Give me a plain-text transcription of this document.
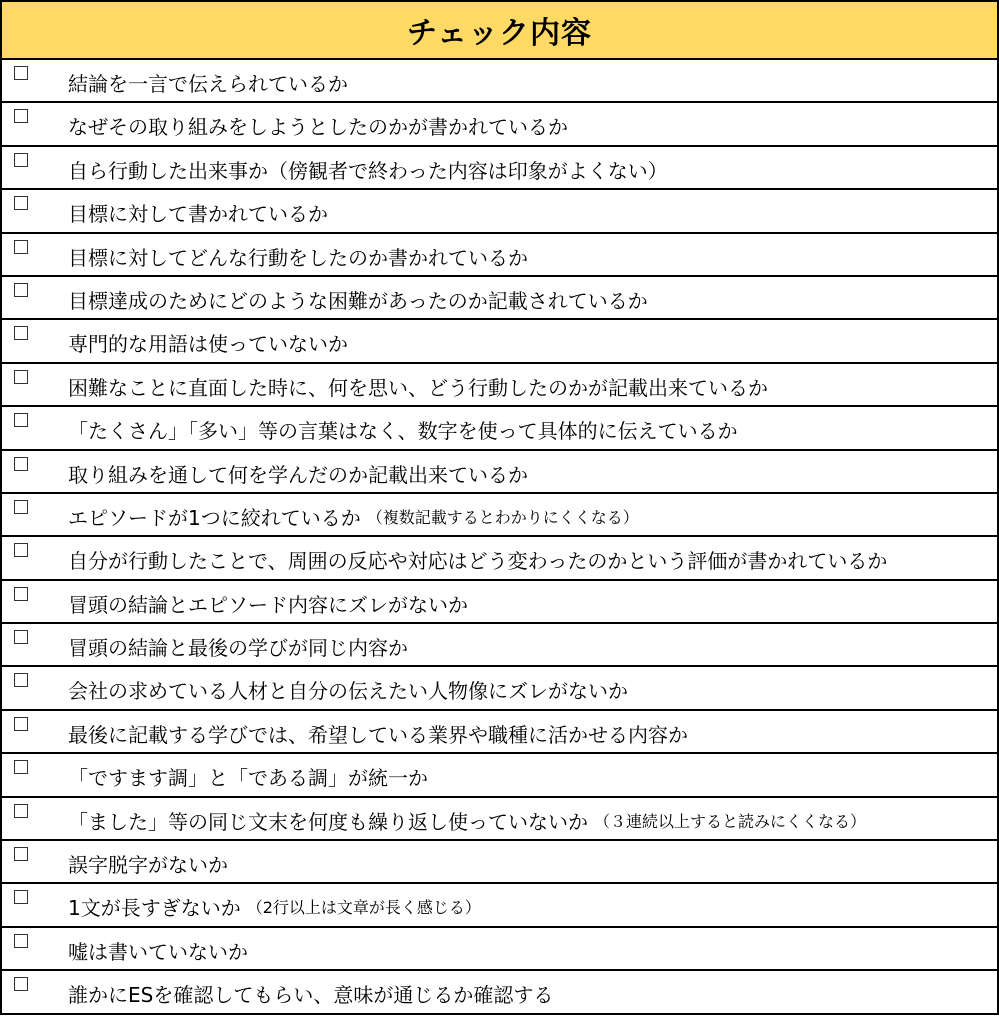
チェック内容
結論を一言で伝えられているか
なぜその取り組みをしようとしたのかが書かれているか
自ら行動した出来事か（傍観者で終わった内容は印象がよくない）
目標に対して書かれているか
目標に対してどんな行動をしたのか書かれているか
目標達成のためにどのような困難があったのか記載されているか
専門的な用語は使っていないか
困難なことに直面した時に、何を思い、どう行動したのかが記載出来ているか
「たくさん」「多い」等の言葉はなく、数字を使って具体的に伝えているか
取り組みを通して何を学んだのか記載出来ているか
エピソードが1つに絞れているか （複数記載するとわかりにくくなる）
自分が行動したことで、周囲の反応や対応はどう変わったのかという評価が書かれているか
冒頭の結論とエピソード内容にズレがないか
冒頭の結論と最後の学びが同じ内容か
会社の求めている人材と自分の伝えたい人物像にズレがないか
最後に記載する学びでは、希望している業界や職種に活かせる内容か
「ですます調」と「である調」が統一か
「ました」等の同じ文末を何度も繰り返し使っていないか （３連続以上すると読みにくくなる）
誤字脱字がないか
1文が長すぎないか （2行以上は文章が長く感じる）
嘘は書いていないか
誰かにESを確認してもらい、意味が通じるか確認する
